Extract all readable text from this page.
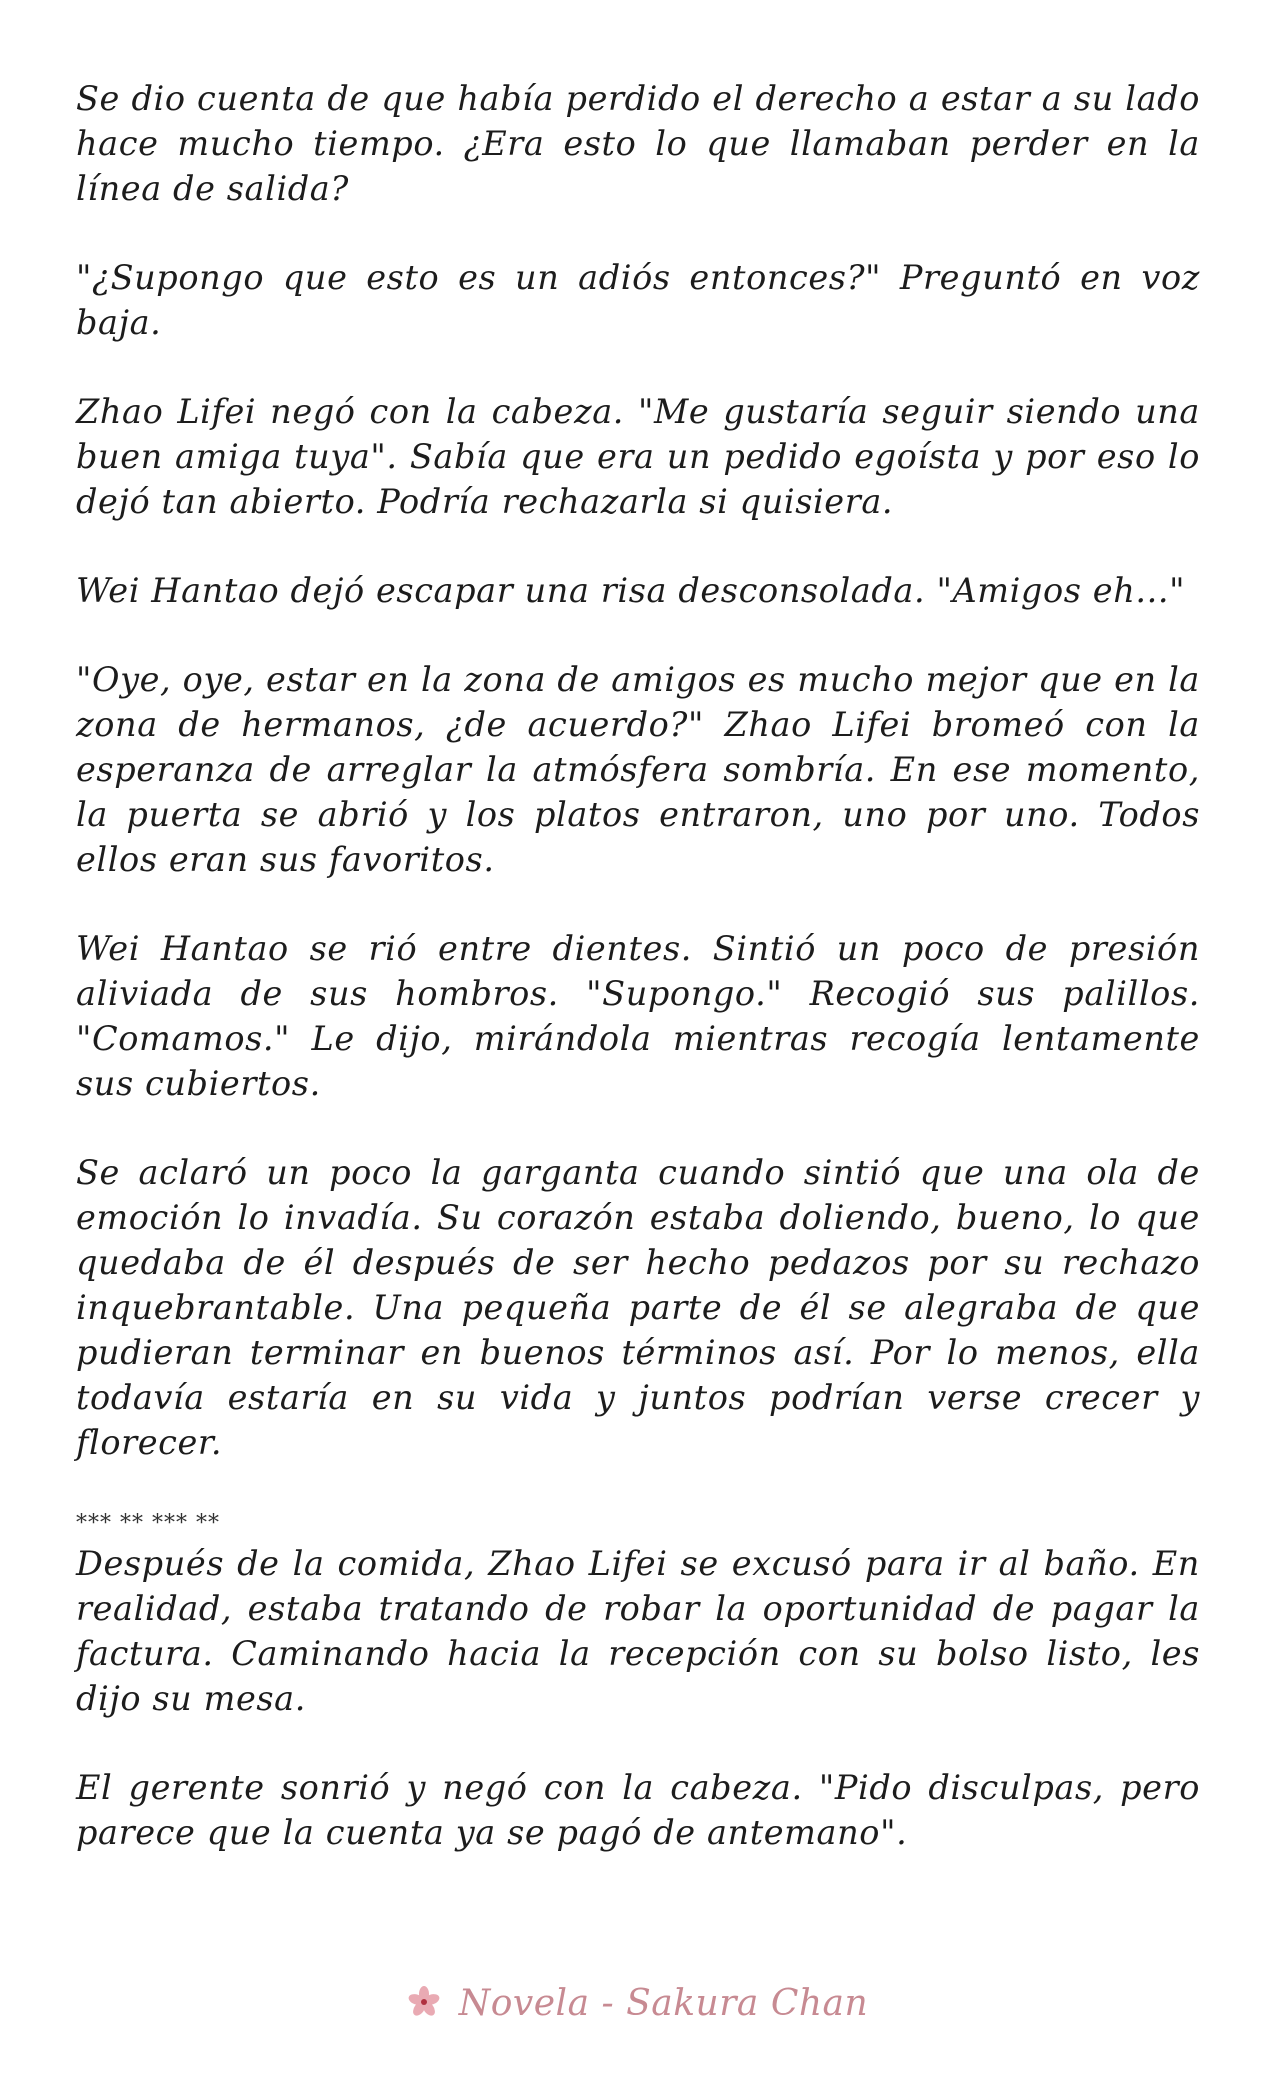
Se dio cuenta de que había perdido el derecho a estar a su lado hace mucho tiempo. ¿Era esto lo que llamaban perder en la línea de salida?

"¿Supongo que esto es un adiós entonces?" Preguntó en voz baja.

Zhao Lifei negó con la cabeza. "Me gustaría seguir siendo una buen amiga tuya". Sabía que era un pedido egoísta y por eso lo dejó tan abierto. Podría rechazarla si quisiera.

Wei Hantao dejó escapar una risa desconsolada. "Amigos eh..."

"Oye, oye, estar en la zona de amigos es mucho mejor que en la zona de hermanos, ¿de acuerdo?" Zhao Lifei bromeó con la esperanza de arreglar la atmósfera sombría. En ese momento, la puerta se abrió y los platos entraron, uno por uno. Todos ellos eran sus favoritos.

Wei Hantao se rió entre dientes. Sintió un poco de presión aliviada de sus hombros. "Supongo." Recogió sus palillos. "Comamos." Le dijo, mirándola mientras recogía lentamente sus cubiertos.

Se aclaró un poco la garganta cuando sintió que una ola de emoción lo invadía. Su corazón estaba doliendo, bueno, lo que quedaba de él después de ser hecho pedazos por su rechazo inquebrantable. Una pequeña parte de él se alegraba de que pudieran terminar en buenos términos así. Por lo menos, ella todavía estaría en su vida y juntos podrían verse crecer y florecer.

*** ** *** **

Después de la comida, Zhao Lifei se excusó para ir al baño. En realidad, estaba tratando de robar la oportunidad de pagar la factura. Caminando hacia la recepción con su bolso listo, les dijo su mesa.

El gerente sonrió y negó con la cabeza. "Pido disculpas, pero parece que la cuenta ya se pagó de antemano".

Novela - Sakura Chan
